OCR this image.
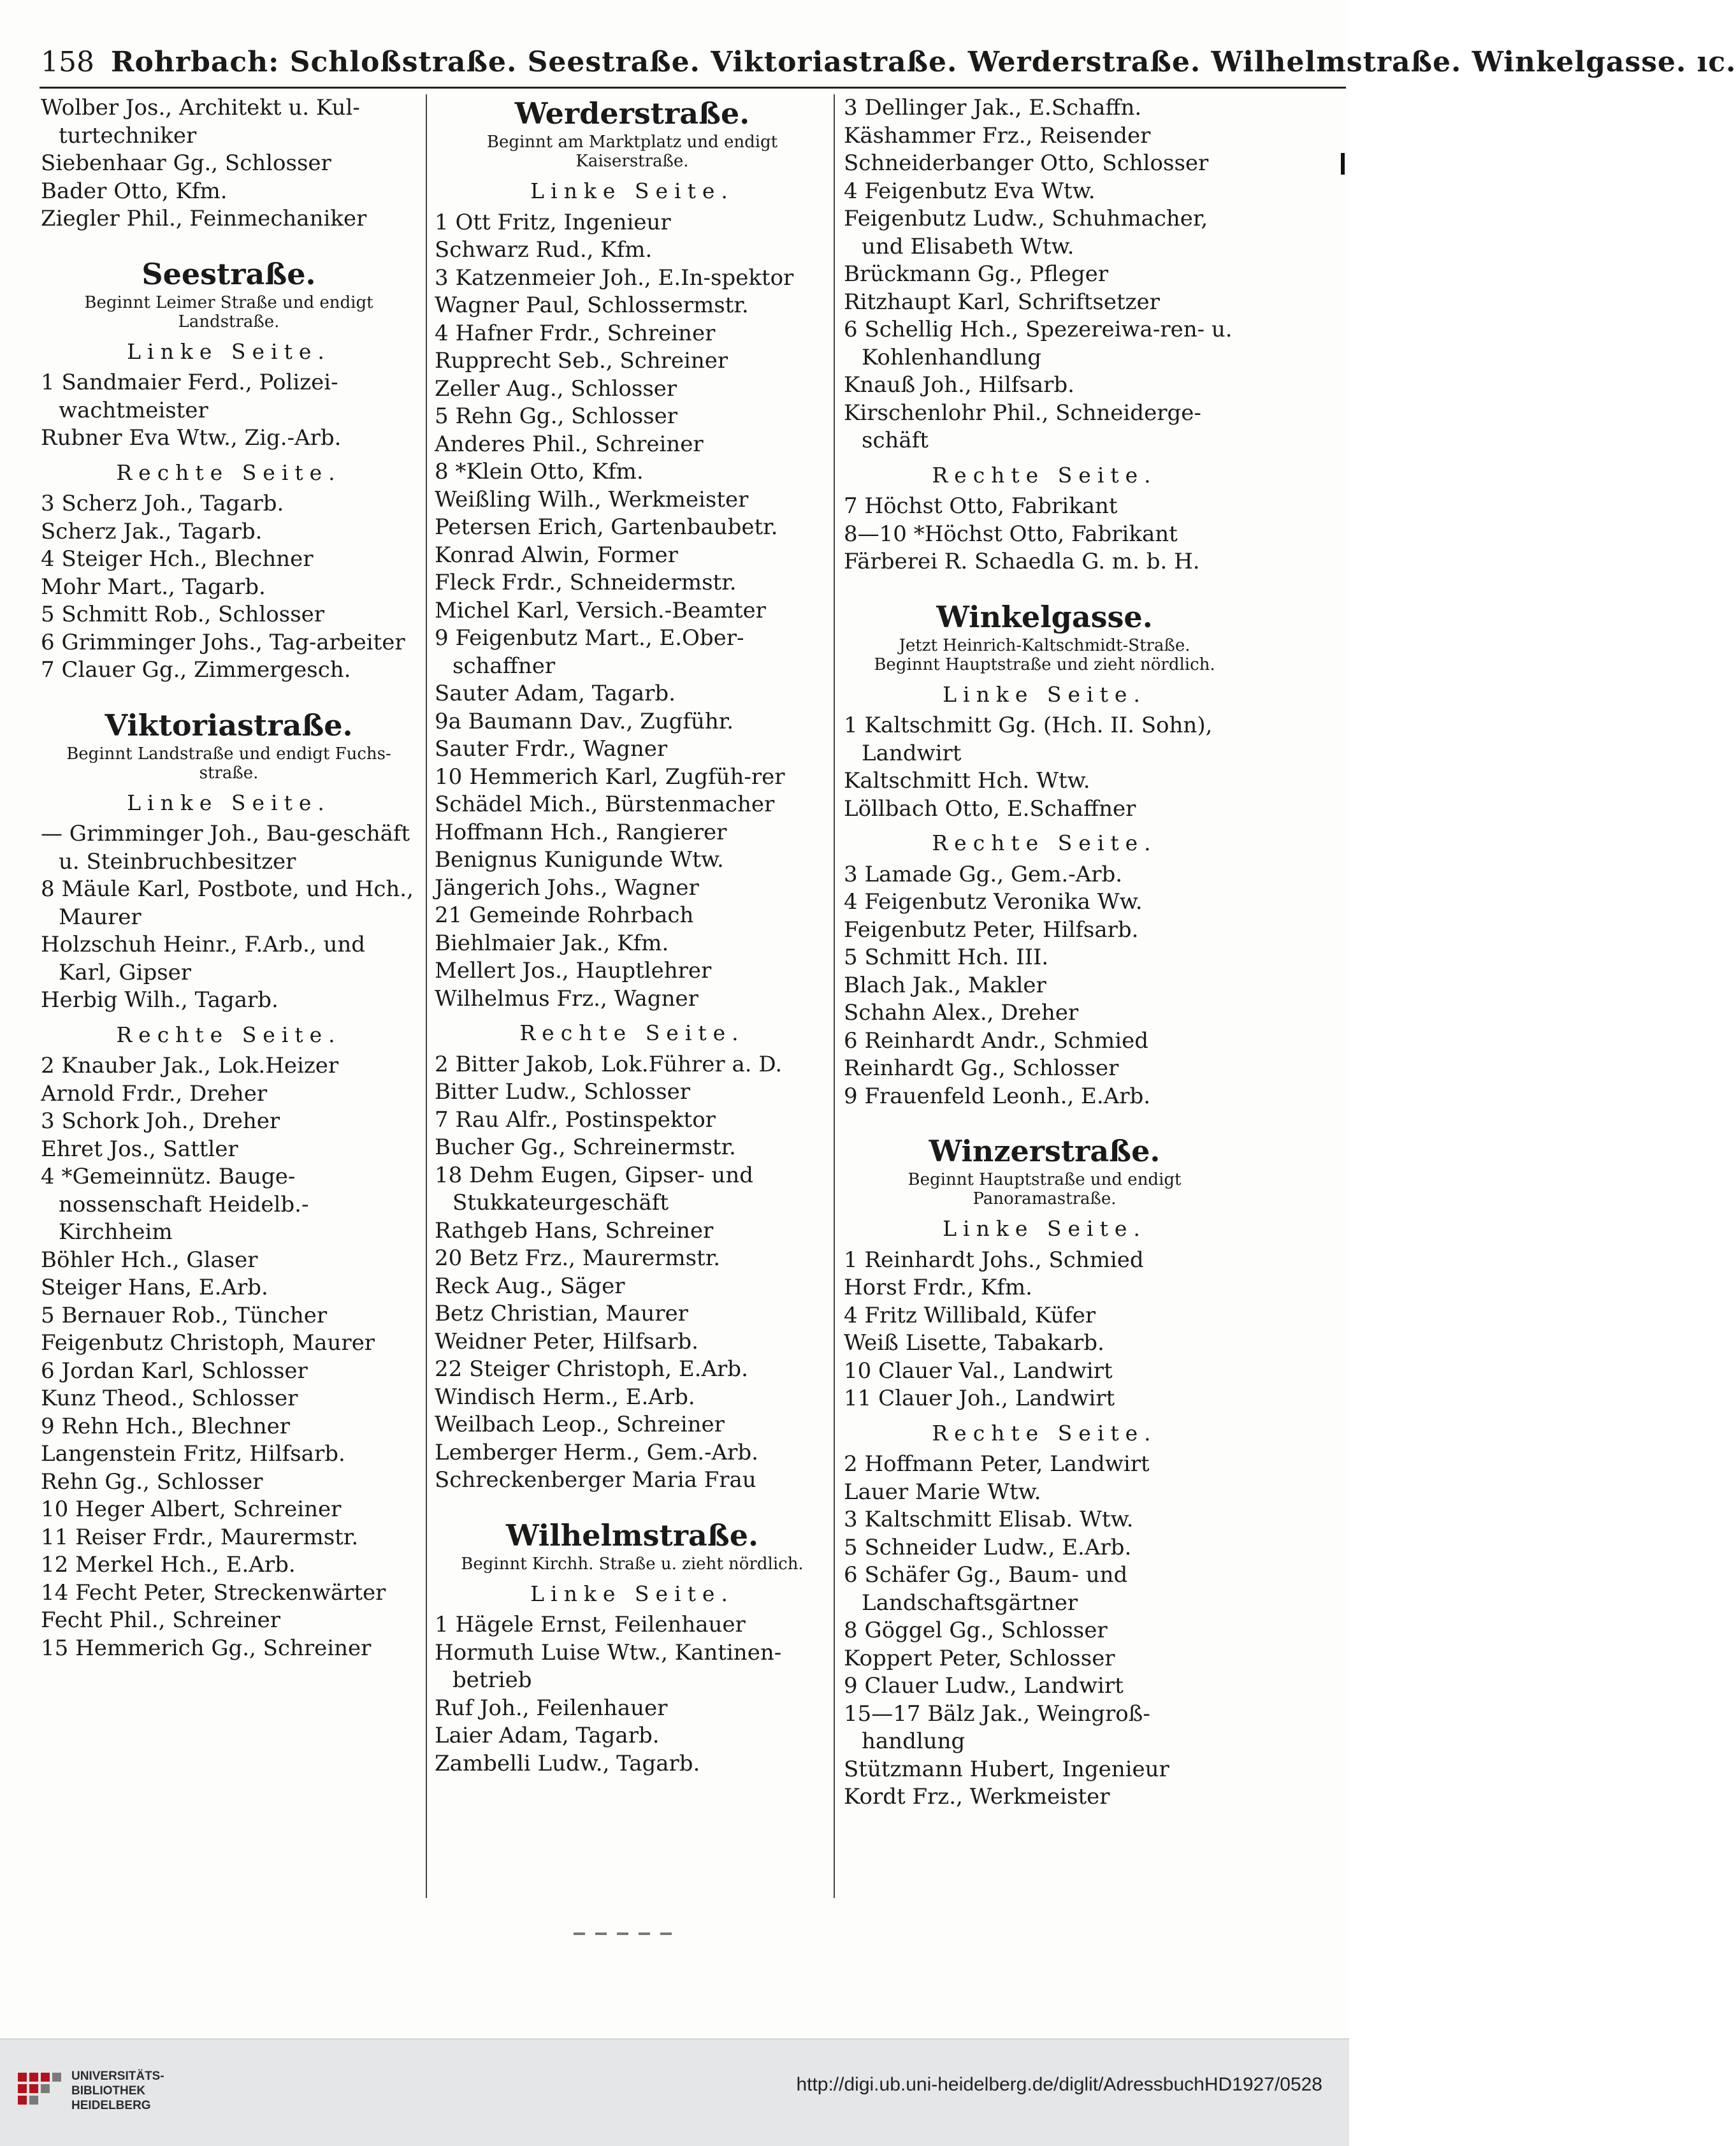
158 Rohrbach: Schloßstraße. Seestraße. Viktoriastraße. Werderstraße. Wilhelmstraße. Winkelgasse. ıc.
Wolber Jos., Architekt u. Kul-turtechniker
Siebenhaar Gg., Schlosser
Bader Otto, Kfm.
Ziegler Phil., Feinmechaniker
Seestraße.
Beginnt Leimer Straße und endigt Landstraße.
Linke Seite.
1 Sandmaier Ferd., Polizei-wachtmeister
Rubner Eva Wtw., Zig.-Arb.
Rechte Seite.
3 Scherz Joh., Tagarb.
Scherz Jak., Tagarb.
4 Steiger Hch., Blechner
Mohr Mart., Tagarb.
5 Schmitt Rob., Schlosser
6 Grimminger Johs., Tag-arbeiter
7 Clauer Gg., Zimmergesch.
Viktoriastraße.
Beginnt Landstraße und endigt Fuchs-straße.
Linke Seite.
— Grimminger Joh., Bau-geschäft u. Steinbruchbesitzer
8 Mäule Karl, Postbote, und Hch., Maurer
Holzschuh Heinr., F.Arb., und Karl, Gipser
Herbig Wilh., Tagarb.
Rechte Seite.
2 Knauber Jak., Lok.Heizer
Arnold Frdr., Dreher
3 Schork Joh., Dreher
Ehret Jos., Sattler
4 *Gemeinnütz. Bauge-nossenschaft Heidelb.-Kirchheim
Böhler Hch., Glaser
Steiger Hans, E.Arb.
5 Bernauer Rob., Tüncher
Feigenbutz Christoph, Maurer
6 Jordan Karl, Schlosser
Kunz Theod., Schlosser
9 Rehn Hch., Blechner
Langenstein Fritz, Hilfsarb.
Rehn Gg., Schlosser
10 Heger Albert, Schreiner
11 Reiser Frdr., Maurermstr.
12 Merkel Hch., E.Arb.
14 Fecht Peter, Streckenwärter
Fecht Phil., Schreiner
15 Hemmerich Gg., Schreiner
Werderstraße.
Beginnt am Marktplatz und endigt Kaiserstraße.
Linke Seite.
1 Ott Fritz, Ingenieur
Schwarz Rud., Kfm.
3 Katzenmeier Joh., E.In-spektor
Wagner Paul, Schlossermstr.
4 Hafner Frdr., Schreiner
Rupprecht Seb., Schreiner
Zeller Aug., Schlosser
5 Rehn Gg., Schlosser
Anderes Phil., Schreiner
8 *Klein Otto, Kfm.
Weißling Wilh., Werkmeister
Petersen Erich, Gartenbaubetr.
Konrad Alwin, Former
Fleck Frdr., Schneidermstr.
Michel Karl, Versich.-Beamter
9 Feigenbutz Mart., E.Ober-schaffner
Sauter Adam, Tagarb.
9a Baumann Dav., Zugführ.
Sauter Frdr., Wagner
10 Hemmerich Karl, Zugfüh-rer
Schädel Mich., Bürstenmacher
Hoffmann Hch., Rangierer
Benignus Kunigunde Wtw.
Jängerich Johs., Wagner
21 Gemeinde Rohrbach
Biehlmaier Jak., Kfm.
Mellert Jos., Hauptlehrer
Wilhelmus Frz., Wagner
Rechte Seite.
2 Bitter Jakob, Lok.Führer a. D.
Bitter Ludw., Schlosser
7 Rau Alfr., Postinspektor
Bucher Gg., Schreinermstr.
18 Dehm Eugen, Gipser- und Stukkateurgeschäft
Rathgeb Hans, Schreiner
20 Betz Frz., Maurermstr.
Reck Aug., Säger
Betz Christian, Maurer
Weidner Peter, Hilfsarb.
22 Steiger Christoph, E.Arb.
Windisch Herm., E.Arb.
Weilbach Leop., Schreiner
Lemberger Herm., Gem.-Arb.
Schreckenberger Maria Frau
Wilhelmstraße.
Beginnt Kirchh. Straße u. zieht nördlich.
Linke Seite.
1 Hägele Ernst, Feilenhauer
Hormuth Luise Wtw., Kantinen-betrieb
Ruf Joh., Feilenhauer
Laier Adam, Tagarb.
Zambelli Ludw., Tagarb.
3 Dellinger Jak., E.Schaffn.
Käshammer Frz., Reisender
Schneiderbanger Otto, Schlosser
4 Feigenbutz Eva Wtw.
Feigenbutz Ludw., Schuhmacher, und Elisabeth Wtw.
Brückmann Gg., Pfleger
Ritzhaupt Karl, Schriftsetzer
6 Schellig Hch., Spezereiwa-ren- u. Kohlenhandlung
Knauß Joh., Hilfsarb.
Kirschenlohr Phil., Schneiderge-schäft
Rechte Seite.
7 Höchst Otto, Fabrikant
8—10 *Höchst Otto, Fabrikant
Färberei R. Schaedla G. m. b. H.
Winkelgasse.
Jetzt Heinrich-Kaltschmidt-Straße.
Beginnt Hauptstraße und zieht nördlich.
Linke Seite.
1 Kaltschmitt Gg. (Hch. II. Sohn), Landwirt
Kaltschmitt Hch. Wtw.
Löllbach Otto, E.Schaffner
Rechte Seite.
3 Lamade Gg., Gem.-Arb.
4 Feigenbutz Veronika Ww.
Feigenbutz Peter, Hilfsarb.
5 Schmitt Hch. III.
Blach Jak., Makler
Schahn Alex., Dreher
6 Reinhardt Andr., Schmied
Reinhardt Gg., Schlosser
9 Frauenfeld Leonh., E.Arb.
Winzerstraße.
Beginnt Hauptstraße und endigt Panoramastraße.
Linke Seite.
1 Reinhardt Johs., Schmied
Horst Frdr., Kfm.
4 Fritz Willibald, Küfer
Weiß Lisette, Tabakarb.
10 Clauer Val., Landwirt
11 Clauer Joh., Landwirt
Rechte Seite.
2 Hoffmann Peter, Landwirt
Lauer Marie Wtw.
3 Kaltschmitt Elisab. Wtw.
5 Schneider Ludw., E.Arb.
6 Schäfer Gg., Baum- und Landschaftsgärtner
8 Göggel Gg., Schlosser
Koppert Peter, Schlosser
9 Clauer Ludw., Landwirt
15—17 Bälz Jak., Weingroß-handlung
Stützmann Hubert, Ingenieur
Kordt Frz., Werkmeister
UNIVERSITÄTS-
BIBLIOTHEK
HEIDELBERG
http://digi.ub.uni-heidelberg.de/diglit/AdressbuchHD1927/0528
